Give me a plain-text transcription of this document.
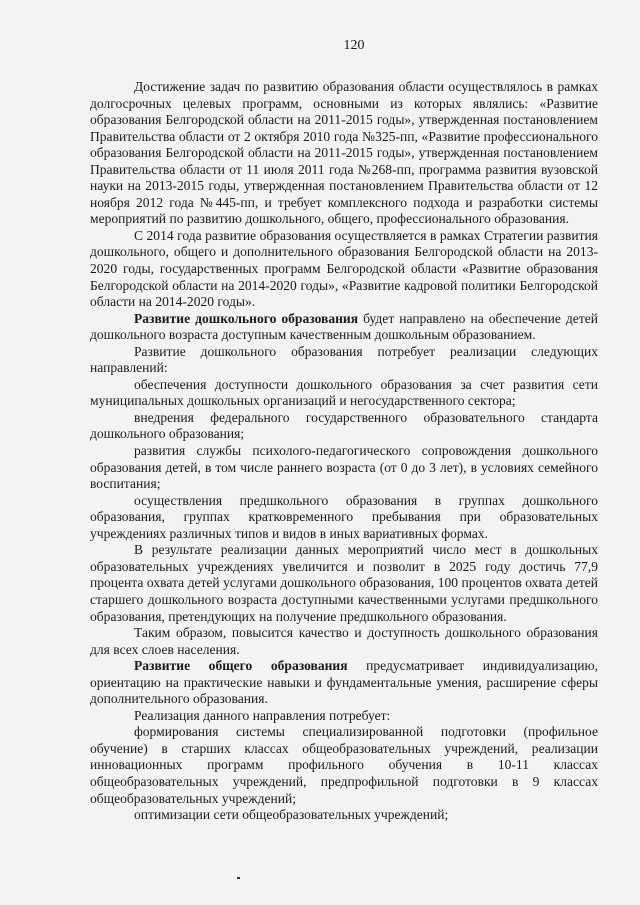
120

Достижение задач по развитию образования области осуществлялось в рамках долгосрочных целевых программ, основными из которых являлись: «Развитие образования Белгородской области на 2011-2015 годы», утвержденная постановлением Правительства области от 2 октября 2010 года №325-пп, «Развитие профессионального образования Белгородской области на 2011-2015 годы», утвержденная постановлением Правительства области от 11 июля 2011 года №268-пп, программа развития вузовской науки на 2013-2015 годы, утвержденная постановлением Правительства области от 12 ноября 2012 года №445-пп, и требует комплексного подхода и разработки системы мероприятий по развитию дошкольного, общего, профессионального образования.

С 2014 года развитие образования осуществляется в рамках Стратегии развития дошкольного, общего и дополнительного образования Белгородской области на 2013-2020 годы, государственных программ Белгородской области «Развитие образования Белгородской области на 2014-2020 годы», «Развитие кадровой политики Белгородской области на 2014-2020 годы».

Развитие дошкольного образования будет направлено на обеспечение детей дошкольного возраста доступным качественным дошкольным образованием.

Развитие дошкольного образования потребует реализации следующих направлений:

обеспечения доступности дошкольного образования за счет развития сети муниципальных дошкольных организаций и негосударственного сектора;

внедрения федерального государственного образовательного стандарта дошкольного образования;

развития службы психолого-педагогического сопровождения дошкольного образования детей, в том числе раннего возраста (от 0 до 3 лет), в условиях семейного воспитания;

осуществления предшкольного образования в группах дошкольного образования, группах кратковременного пребывания при образовательных учреждениях различных типов и видов в иных вариативных формах.

В результате реализации данных мероприятий число мест в дошкольных образовательных учреждениях увеличится и позволит в 2025 году достичь 77,9 процента охвата детей услугами дошкольного образования, 100 процентов охвата детей старшего дошкольного возраста доступными качественными услугами предшкольного образования, претендующих на получение предшкольного образования.

Таким образом, повысится качество и доступность дошкольного образования для всех слоев населения.

Развитие общего образования предусматривает индивидуализацию, ориентацию на практические навыки и фундаментальные умения, расширение сферы дополнительного образования.

Реализация данного направления потребует:

формирования системы специализированной подготовки (профильное обучение) в старших классах общеобразовательных учреждений, реализации инновационных программ профильного обучения в 10-11 классах общеобразовательных учреждений, предпрофильной подготовки в 9 классах общеобразовательных учреждений;

оптимизации сети общеобразовательных учреждений;
